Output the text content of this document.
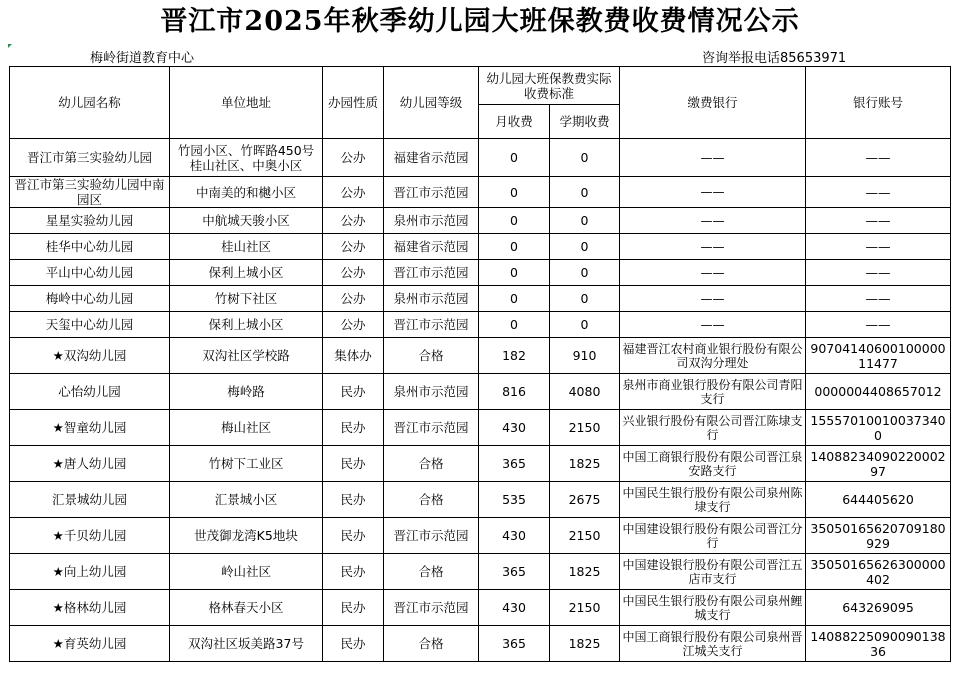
晋江市2025年秋季幼儿园大班保教费收费情况公示
梅岭街道教育中心	咨询举报电话85653971
幼儿园名称	单位地址	办园性质	幼儿园等级	幼儿园大班保教费实际收费标准		缴费银行	银行账号
				月收费	学期收费		
晋江市第三实验幼儿园	竹园小区、竹晖路450号桂山社区、中奥小区	公办	福建省示范园	0	0	——	——
晋江市第三实验幼儿园中南园区	中南美的和樾小区	公办	晋江市示范园	0	0	——	——
星星实验幼儿园	中航城天骏小区	公办	泉州市示范园	0	0	——	——
桂华中心幼儿园	桂山社区	公办	福建省示范园	0	0	——	——
平山中心幼儿园	保利上城小区	公办	晋江市示范园	0	0	——	——
梅岭中心幼儿园	竹树下社区	公办	泉州市示范园	0	0	——	——
天玺中心幼儿园	保利上城小区	公办	晋江市示范园	0	0	——	——
★双沟幼儿园	双沟社区学校路	集体办	合格	182	910	福建晋江农村商业银行股份有限公司双沟分理处	9070414060010000011477
心怡幼儿园	梅岭路	民办	泉州市示范园	816	4080	泉州市商业银行股份有限公司青阳支行	0000004408657012
★智童幼儿园	梅山社区	民办	晋江市示范园	430	2150	兴业银行股份有限公司晋江陈埭支行	155570100100373400
★唐人幼儿园	竹树下工业区	民办	合格	365	1825	中国工商银行股份有限公司晋江泉安路支行	1408823409022000297
汇景城幼儿园	汇景城小区	民办	合格	535	2675	中国民生银行股份有限公司泉州陈埭支行	644405620
★千贝幼儿园	世茂御龙湾K5地块	民办	晋江市示范园	430	2150	中国建设银行股份有限公司晋江分行	35050165620709180929
★向上幼儿园	岭山社区	民办	合格	365	1825	中国建设银行股份有限公司晋江五店市支行	35050165626300000402
★格林幼儿园	格林春天小区	民办	晋江市示范园	430	2150	中国民生银行股份有限公司泉州鲤城支行	643269095
★育英幼儿园	双沟社区坂美路37号	民办	合格	365	1825	中国工商银行股份有限公司泉州晋江城关支行	1408822509009013836
